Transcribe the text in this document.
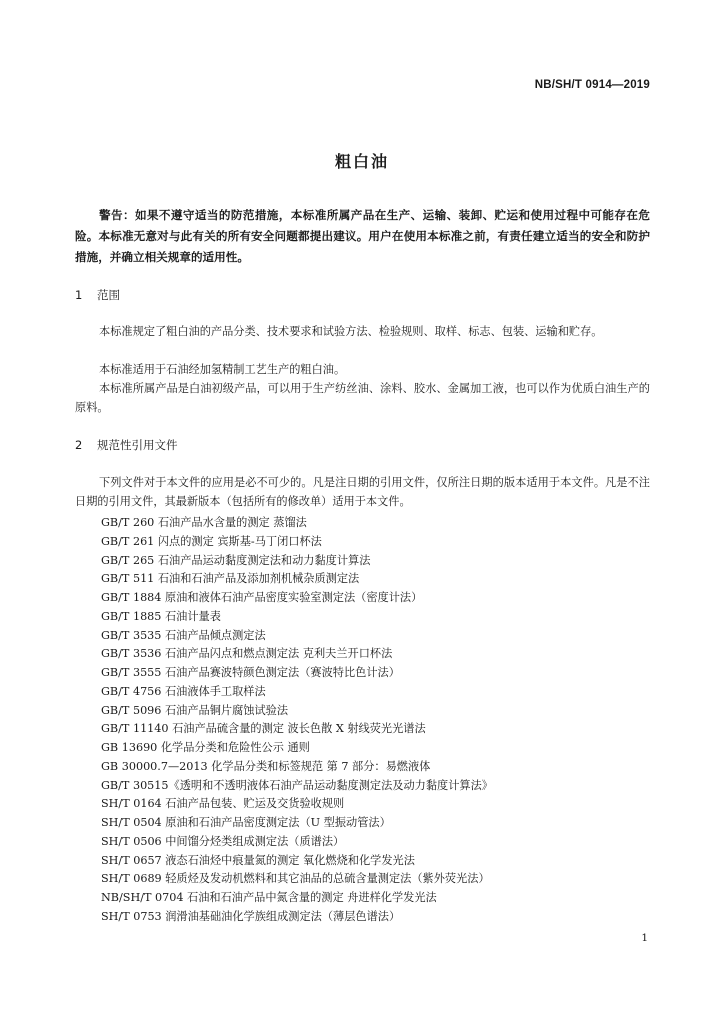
NB/SH/T 0914—2019
粗白油
警告：如果不遵守适当的防范措施，本标准所属产品在生产、运输、装卸、贮运和使用过程中可能存在危险。本标准无意对与此有关的所有安全问题都提出建议。用户在使用本标准之前，有责任建立适当的安全和防护措施，并确立相关规章的适用性。
1 范围
本标准规定了粗白油的产品分类、技术要求和试验方法、检验规则、取样、标志、包装、运输和贮存。
本标准适用于石油经加氢精制工艺生产的粗白油。
本标准所属产品是白油初级产品，可以用于生产纺丝油、涂料、胶水、金属加工液，也可以作为优质白油生产的原料。
2 规范性引用文件
下列文件对于本文件的应用是必不可少的。凡是注日期的引用文件，仅所注日期的版本适用于本文件。凡是不注日期的引用文件，其最新版本（包括所有的修改单）适用于本文件。
GB/T 260 石油产品水含量的测定 蒸馏法
GB/T 261 闪点的测定 宾斯基-马丁闭口杯法
GB/T 265 石油产品运动黏度测定法和动力黏度计算法
GB/T 511 石油和石油产品及添加剂机械杂质测定法
GB/T 1884 原油和液体石油产品密度实验室测定法（密度计法）
GB/T 1885 石油计量表
GB/T 3535 石油产品倾点测定法
GB/T 3536 石油产品闪点和燃点测定法 克利夫兰开口杯法
GB/T 3555 石油产品赛波特颜色测定法（赛波特比色计法）
GB/T 4756 石油液体手工取样法
GB/T 5096 石油产品铜片腐蚀试验法
GB/T 11140 石油产品硫含量的测定 波长色散 X 射线荧光光谱法
GB 13690 化学品分类和危险性公示 通则
GB 30000.7—2013 化学品分类和标签规范 第 7 部分：易燃液体
GB/T 30515《透明和不透明液体石油产品运动黏度测定法及动力黏度计算法》
SH/T 0164 石油产品包装、贮运及交货验收规则
SH/T 0504 原油和石油产品密度测定法（U 型振动管法）
SH/T 0506 中间馏分烃类组成测定法（质谱法）
SH/T 0657 液态石油烃中痕量氮的测定 氧化燃烧和化学发光法
SH/T 0689 轻质烃及发动机燃料和其它油品的总硫含量测定法（紫外荧光法）
NB/SH/T 0704 石油和石油产品中氮含量的测定 舟进样化学发光法
SH/T 0753 润滑油基础油化学族组成测定法（薄层色谱法）
1
